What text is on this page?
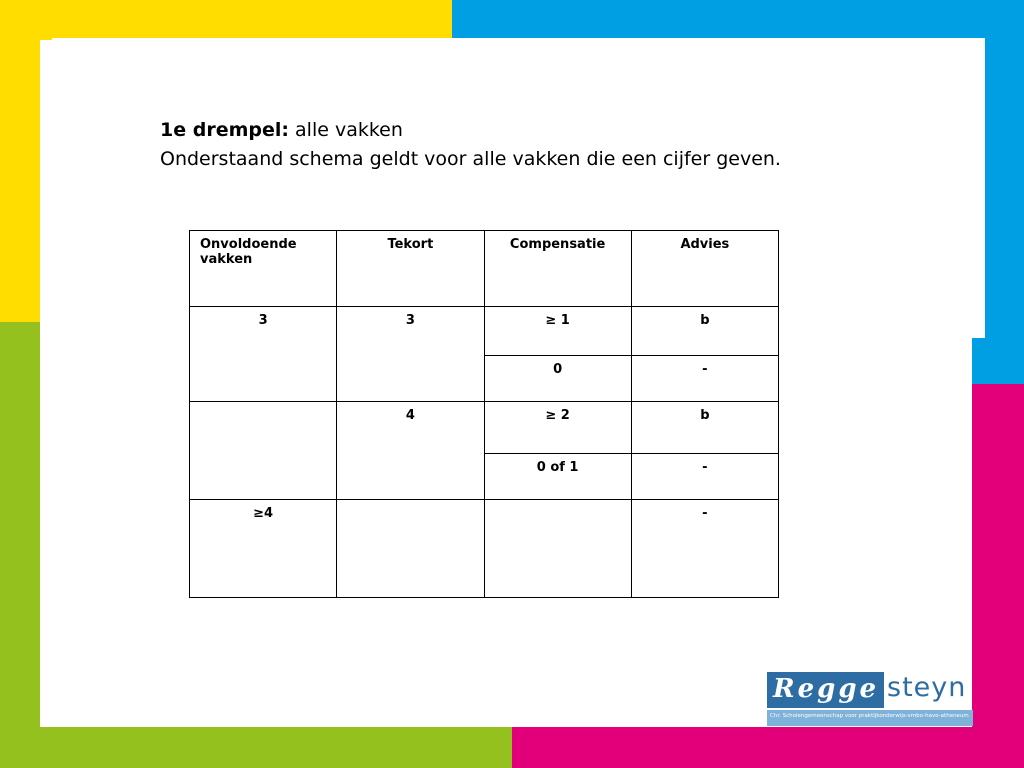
1e drempel: alle vakken
Onderstaand schema geldt voor alle vakken die een cijfer geven.
Onvoldoende vakken	Tekort	Compensatie	Advies
3	3	≥ 1	b
		0	-
	4	≥ 2	b
		0 of 1	-
≥4			-
Regge steyn
Chr. Scholengemeenschap voor praktijkonderwijs-vmbo-havo-atheneum
